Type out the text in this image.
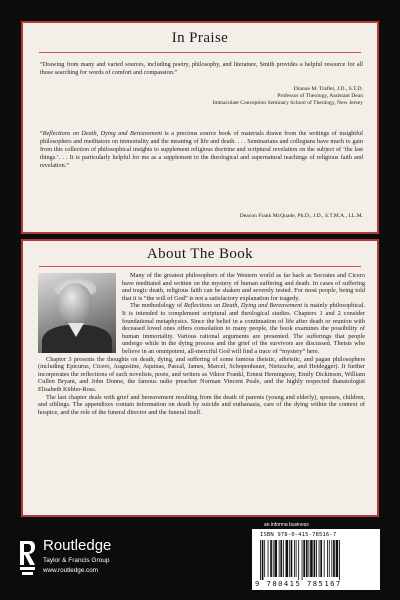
In Praise
“Drawing from many and varied sources, including poetry, philosophy, and literature, Smith provides a helpful resource for all those searching for words of comfort and compassion.”
Dianne M. Traflet, J.D., S.T.D.
Professor of Theology, Assistant Dean
Immaculate Conception Seminary School of Theology, New Jersey
“Reflections on Death, Dying and Bereavement is a precious source book of materials drawn from the writings of insightful philosophers and meditators on immortality and the meaning of life and death. . . . Seminarians and collegians have much to gain from this collection of philosophical insights to supplement religious doctrine and scriptural revelation on the subject of ‘the last things.’. . . It is particularly helpful for me as a supplement to the theological and supernatural teachings of religious faith and revelation.”
Deacon Frank McQuade, Ph.D., J.D., S.T.M.A., LL.M.
About The Book

Many of the greatest philosophers of the Western world as far back as Socrates and Cicero have meditated and written on the mystery of human suffering and death. In cases of suffering and tragic death, religious faith can be shaken and severely tested. For most people, being told that it is “the will of God” is not a satisfactory explanation for tragedy.

The methodology of Reflections on Death, Dying and Bereavement is mainly philosophical. It is intended to complement scriptural and theological studies. Chapters 1 and 2 consider foundational metaphysics. Since the belief in a continuation of life after death or reunion with deceased loved ones offers consolation to many people, the book examines the possibility of human immortality. Various rational arguments are presented. The sufferings that people undergo while in the dying process and the grief of the survivors are discussed. Theists who believe in an omnipotent, all-merciful God will find a trace of “mystery” here.

Chapter 3 presents the thoughts on death, dying, and suffering of some famous theistic, atheistic, and pagan philosophers (including Epicurus, Cicero, Augustine, Aquinas, Pascal, James, Marcel, Schopenhauer, Nietzsche, and Heidegger). It further incorporates the reflections of such novelists, poets, and writers as Viktor Frankl, Ernest Hemingway, Emily Dickinson, William Cullen Bryant, and John Donne, the famous radio preacher Norman Vincent Peale, and the highly respected thanatologist Elisabeth Kübler-Ross.

The last chapter deals with grief and bereavement resulting from the death of parents (young and elderly), spouses, children, and siblings. The appendixes contain information on death by suicide and euthanasia, care of the dying within the context of hospice, and the role of the funeral director and the funeral itself.

Routledge
Taylor & Francis Group
www.routledge.com
an informa business
ISBN 978-0-415-78516-7
9 780415 785167
